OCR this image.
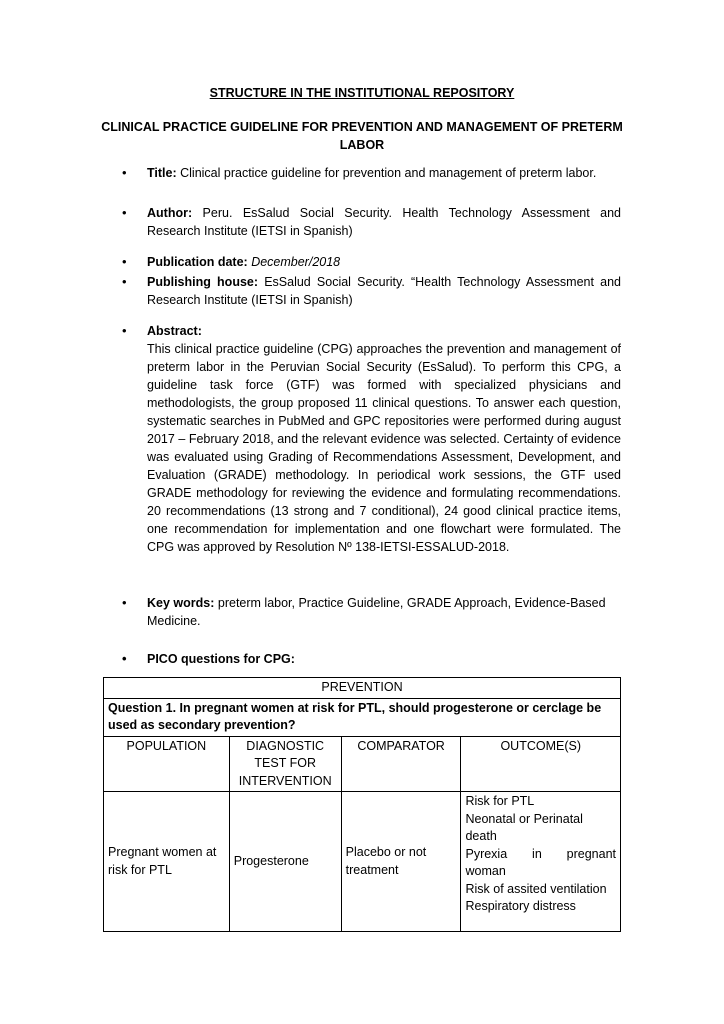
STRUCTURE IN THE INSTITUTIONAL REPOSITORY
CLINICAL PRACTICE GUIDELINE FOR PREVENTION AND MANAGEMENT OF PRETERM LABOR
• Title: Clinical practice guideline for prevention and management of preterm labor.
• Author: Peru. EsSalud Social Security. Health Technology Assessment and Research Institute (IETSI in Spanish)
• Publication date: December/2018
• Publishing house: EsSalud Social Security. “Health Technology Assessment and Research Institute (IETSI in Spanish)
• Abstract:
This clinical practice guideline (CPG) approaches the prevention and management of preterm labor in the Peruvian Social Security (EsSalud). To perform this CPG, a guideline task force (GTF) was formed with specialized physicians and methodologists, the group proposed 11 clinical questions. To answer each question, systematic searches in PubMed and GPC repositories were performed during august 2017 – February 2018, and the relevant evidence was selected. Certainty of evidence was evaluated using Grading of Recommendations Assessment, Development, and Evaluation (GRADE) methodology. In periodical work sessions, the GTF used GRADE methodology for reviewing the evidence and formulating recommendations. 20 recommendations (13 strong and 7 conditional), 24 good clinical practice items, one recommendation for implementation and one flowchart were formulated. The CPG was approved by Resolution Nº 138-IETSI-ESSALUD-2018.
• Key words: preterm labor, Practice Guideline, GRADE Approach, Evidence-Based Medicine.
• PICO questions for CPG:
PREVENTION			
Question 1. In pregnant women at risk for PTL, should progesterone or cerclage be used as secondary prevention?			
POPULATION	DIAGNOSTIC TEST FOR INTERVENTION	COMPARATOR	OUTCOME(S)
Pregnant women at risk for PTL	Progesterone	Placebo or not treatment	Risk for PTL
Neonatal or Perinatal death
Pyrexia in pregnant woman
Risk of assited ventilation
Respiratory distress
